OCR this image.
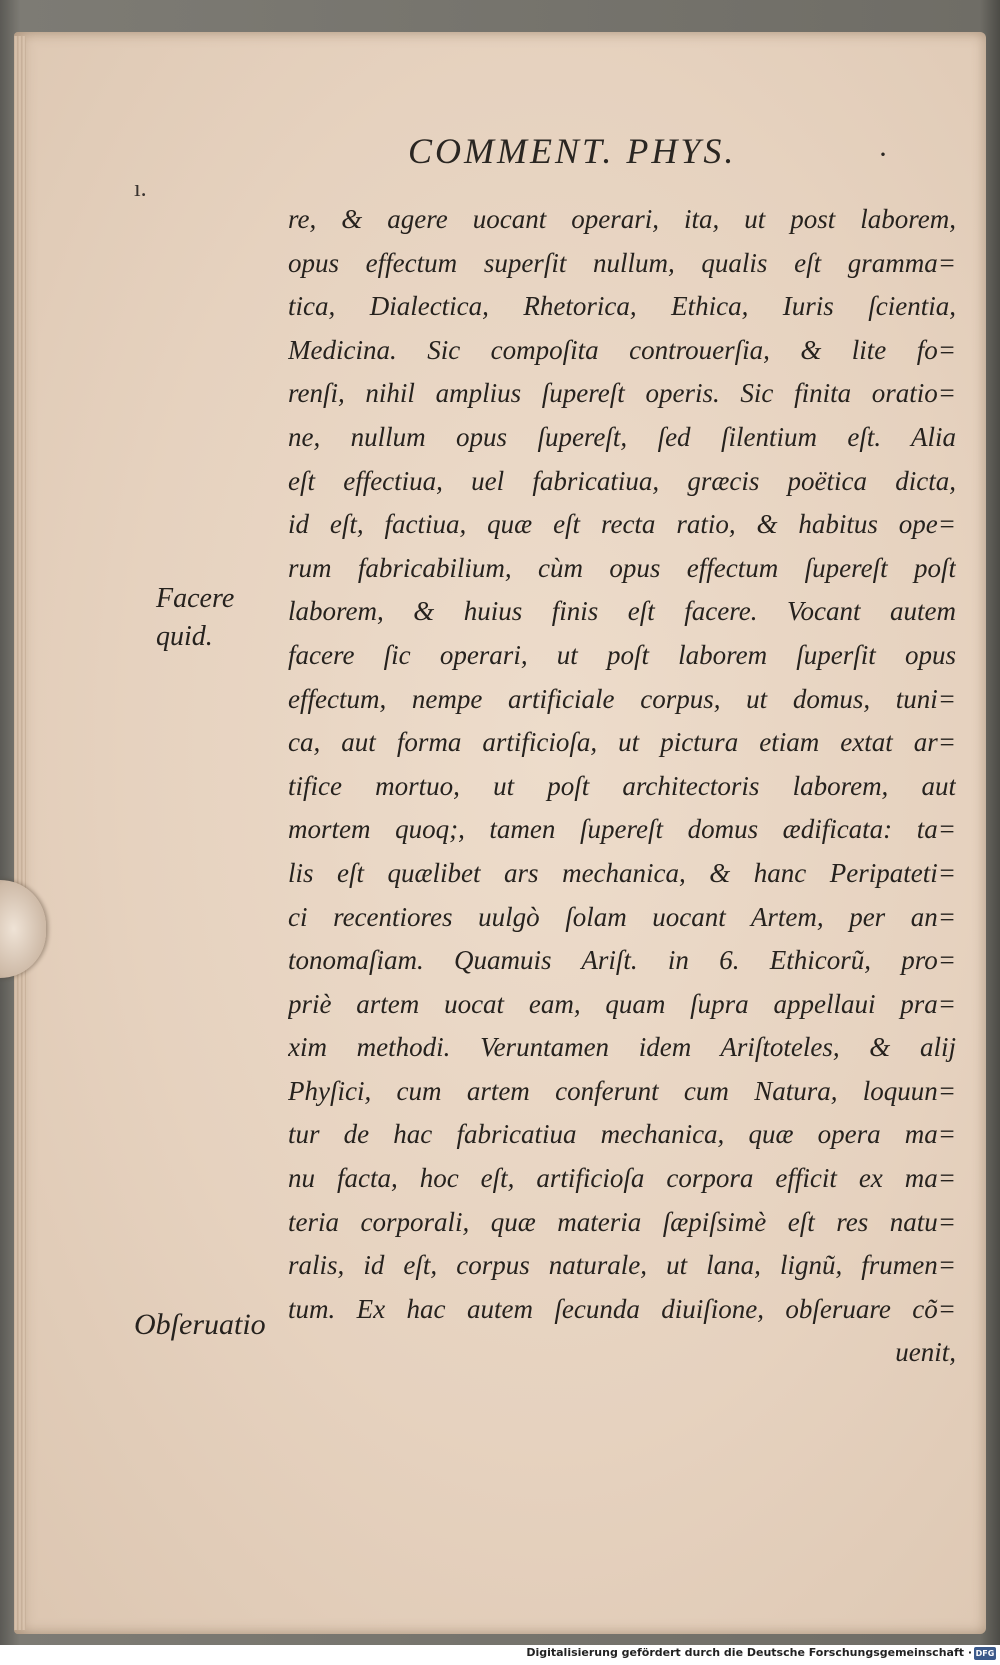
COMMENT. PHYS.	·
ı.
Facere
quid.
Obſeruatio
re, & agere uocant operari, ita, ut post laborem,
opus effectum superſit nullum, qualis eſt gramma=
tica, Dialectica, Rhetorica, Ethica, Iuris ſcientia,
Medicina. Sic compoſita controuerſia, & lite fo=
renſi, nihil amplius ſupereſt operis. Sic finita oratio=
ne, nullum opus ſupereſt, ſed ſilentium eſt. Alia
eſt effectiua, uel fabricatiua, græcis poëtica dicta,
id eſt, factiua, quæ eſt recta ratio, & habitus ope=
rum fabricabilium, cùm opus effectum ſupereſt poſt
laborem, & huius finis eſt facere. Vocant autem
facere ſic operari, ut poſt laborem ſuperſit opus
effectum, nempe artificiale corpus, ut domus, tuni=
ca, aut forma artificioſa, ut pictura etiam extat ar=
tifice mortuo, ut poſt architectoris laborem, aut
mortem quoq;, tamen ſupereſt domus ædificata: ta=
lis eſt quælibet ars mechanica, & hanc Peripateti=
ci recentiores uulgò ſolam uocant Artem, per an=
tonomaſiam. Quamuis Ariſt. in 6. Ethicorũ, pro=
priè artem uocat eam, quam ſupra appellaui pra=
xim methodi. Veruntamen idem Ariſtoteles, & alij
Phyſici, cum artem conferunt cum Natura, loquun=
tur de hac fabricatiua mechanica, quæ opera ma=
nu facta, hoc eſt, artificioſa corpora efficit ex ma=
teria corporali, quæ materia ſæpiſsimè eſt res natu=
ralis, id eſt, corpus naturale, ut lana, lignũ, frumen=
tum. Ex hac autem ſecunda diuiſione, obſeruare cõ=
uenit,
Digitalisierung gefördert durch die Deutsche Forschungsgemeinschaft · DFG
